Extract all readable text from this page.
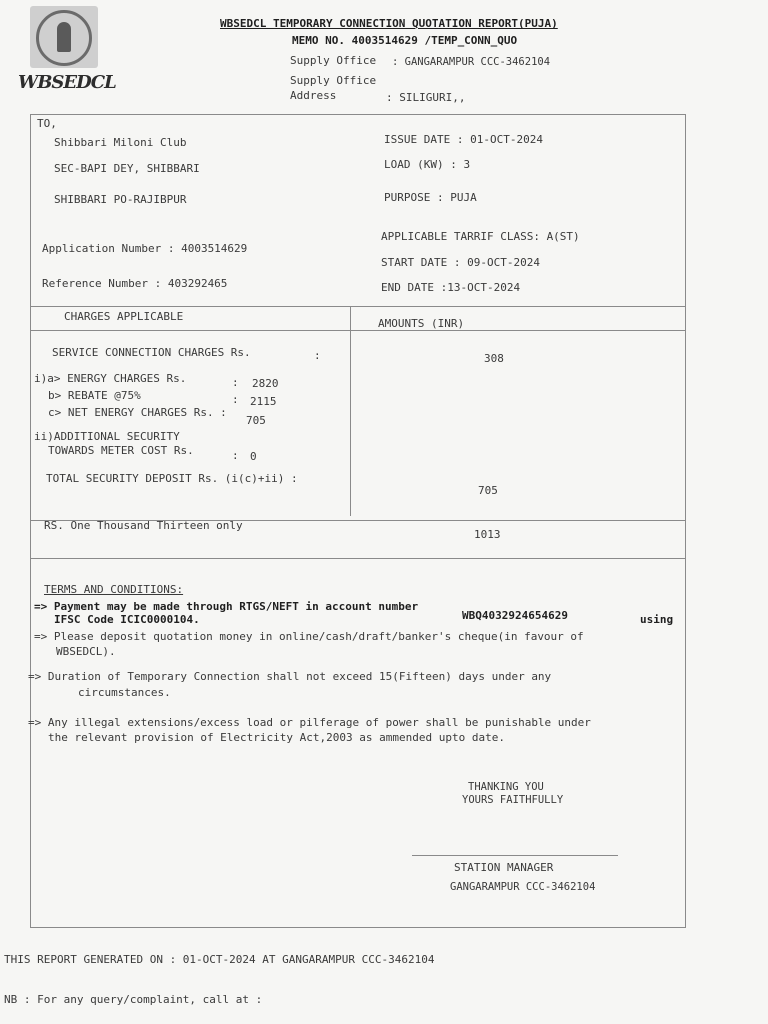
WBSEDCL
WBSEDCL TEMPORARY CONNECTION QUOTATION REPORT(PUJA)
MEMO NO. 4003514629 /TEMP_CONN_QUO
Supply Office : GANGARAMPUR CCC-3462104
Supply Office
Address	: SILIGURI,,
TO,
Shibbari Miloni Club
SEC-BAPI DEY, SHIBBARI
SHIBBARI PO-RAJIBPUR
Application Number : 4003514629
Reference Number : 403292465
ISSUE DATE : 01-OCT-2024
LOAD (KW) : 3
PURPOSE : PUJA
APPLICABLE TARRIF CLASS: A(ST)
START DATE : 09-OCT-2024
END DATE :13-OCT-2024
CHARGES APPLICABLE
AMOUNTS (INR)
SERVICE CONNECTION CHARGES Rs.	:	308
i)a> ENERGY CHARGES Rs.	: 2820
b> REBATE @75%	: 2115
c> NET ENERGY CHARGES Rs. :
705
ii)ADDITIONAL SECURITY
TOWARDS METER COST Rs.	: 0
TOTAL SECURITY DEPOSIT Rs. (i(c)+ii) :
705
RS. One Thousand Thirteen only
1013
TERMS AND CONDITIONS:
=> Payment may be made through RTGS/NEFT in account number
WBQ4032924654629	using
IFSC Code ICIC0000104.
=> Please deposit quotation money in online/cash/draft/banker's cheque(in favour of
WBSEDCL).
=> Duration of Temporary Connection shall not exceed 15(Fifteen) days under any
circumstances.
=> Any illegal extensions/excess load or pilferage of power shall be punishable under
the relevant provision of Electricity Act,2003 as ammended upto date.
THANKING YOU
YOURS FAITHFULLY
STATION MANAGER
GANGARAMPUR CCC-3462104
THIS REPORT GENERATED ON : 01-OCT-2024 AT GANGARAMPUR CCC-3462104
NB : For any query/complaint, call at :
